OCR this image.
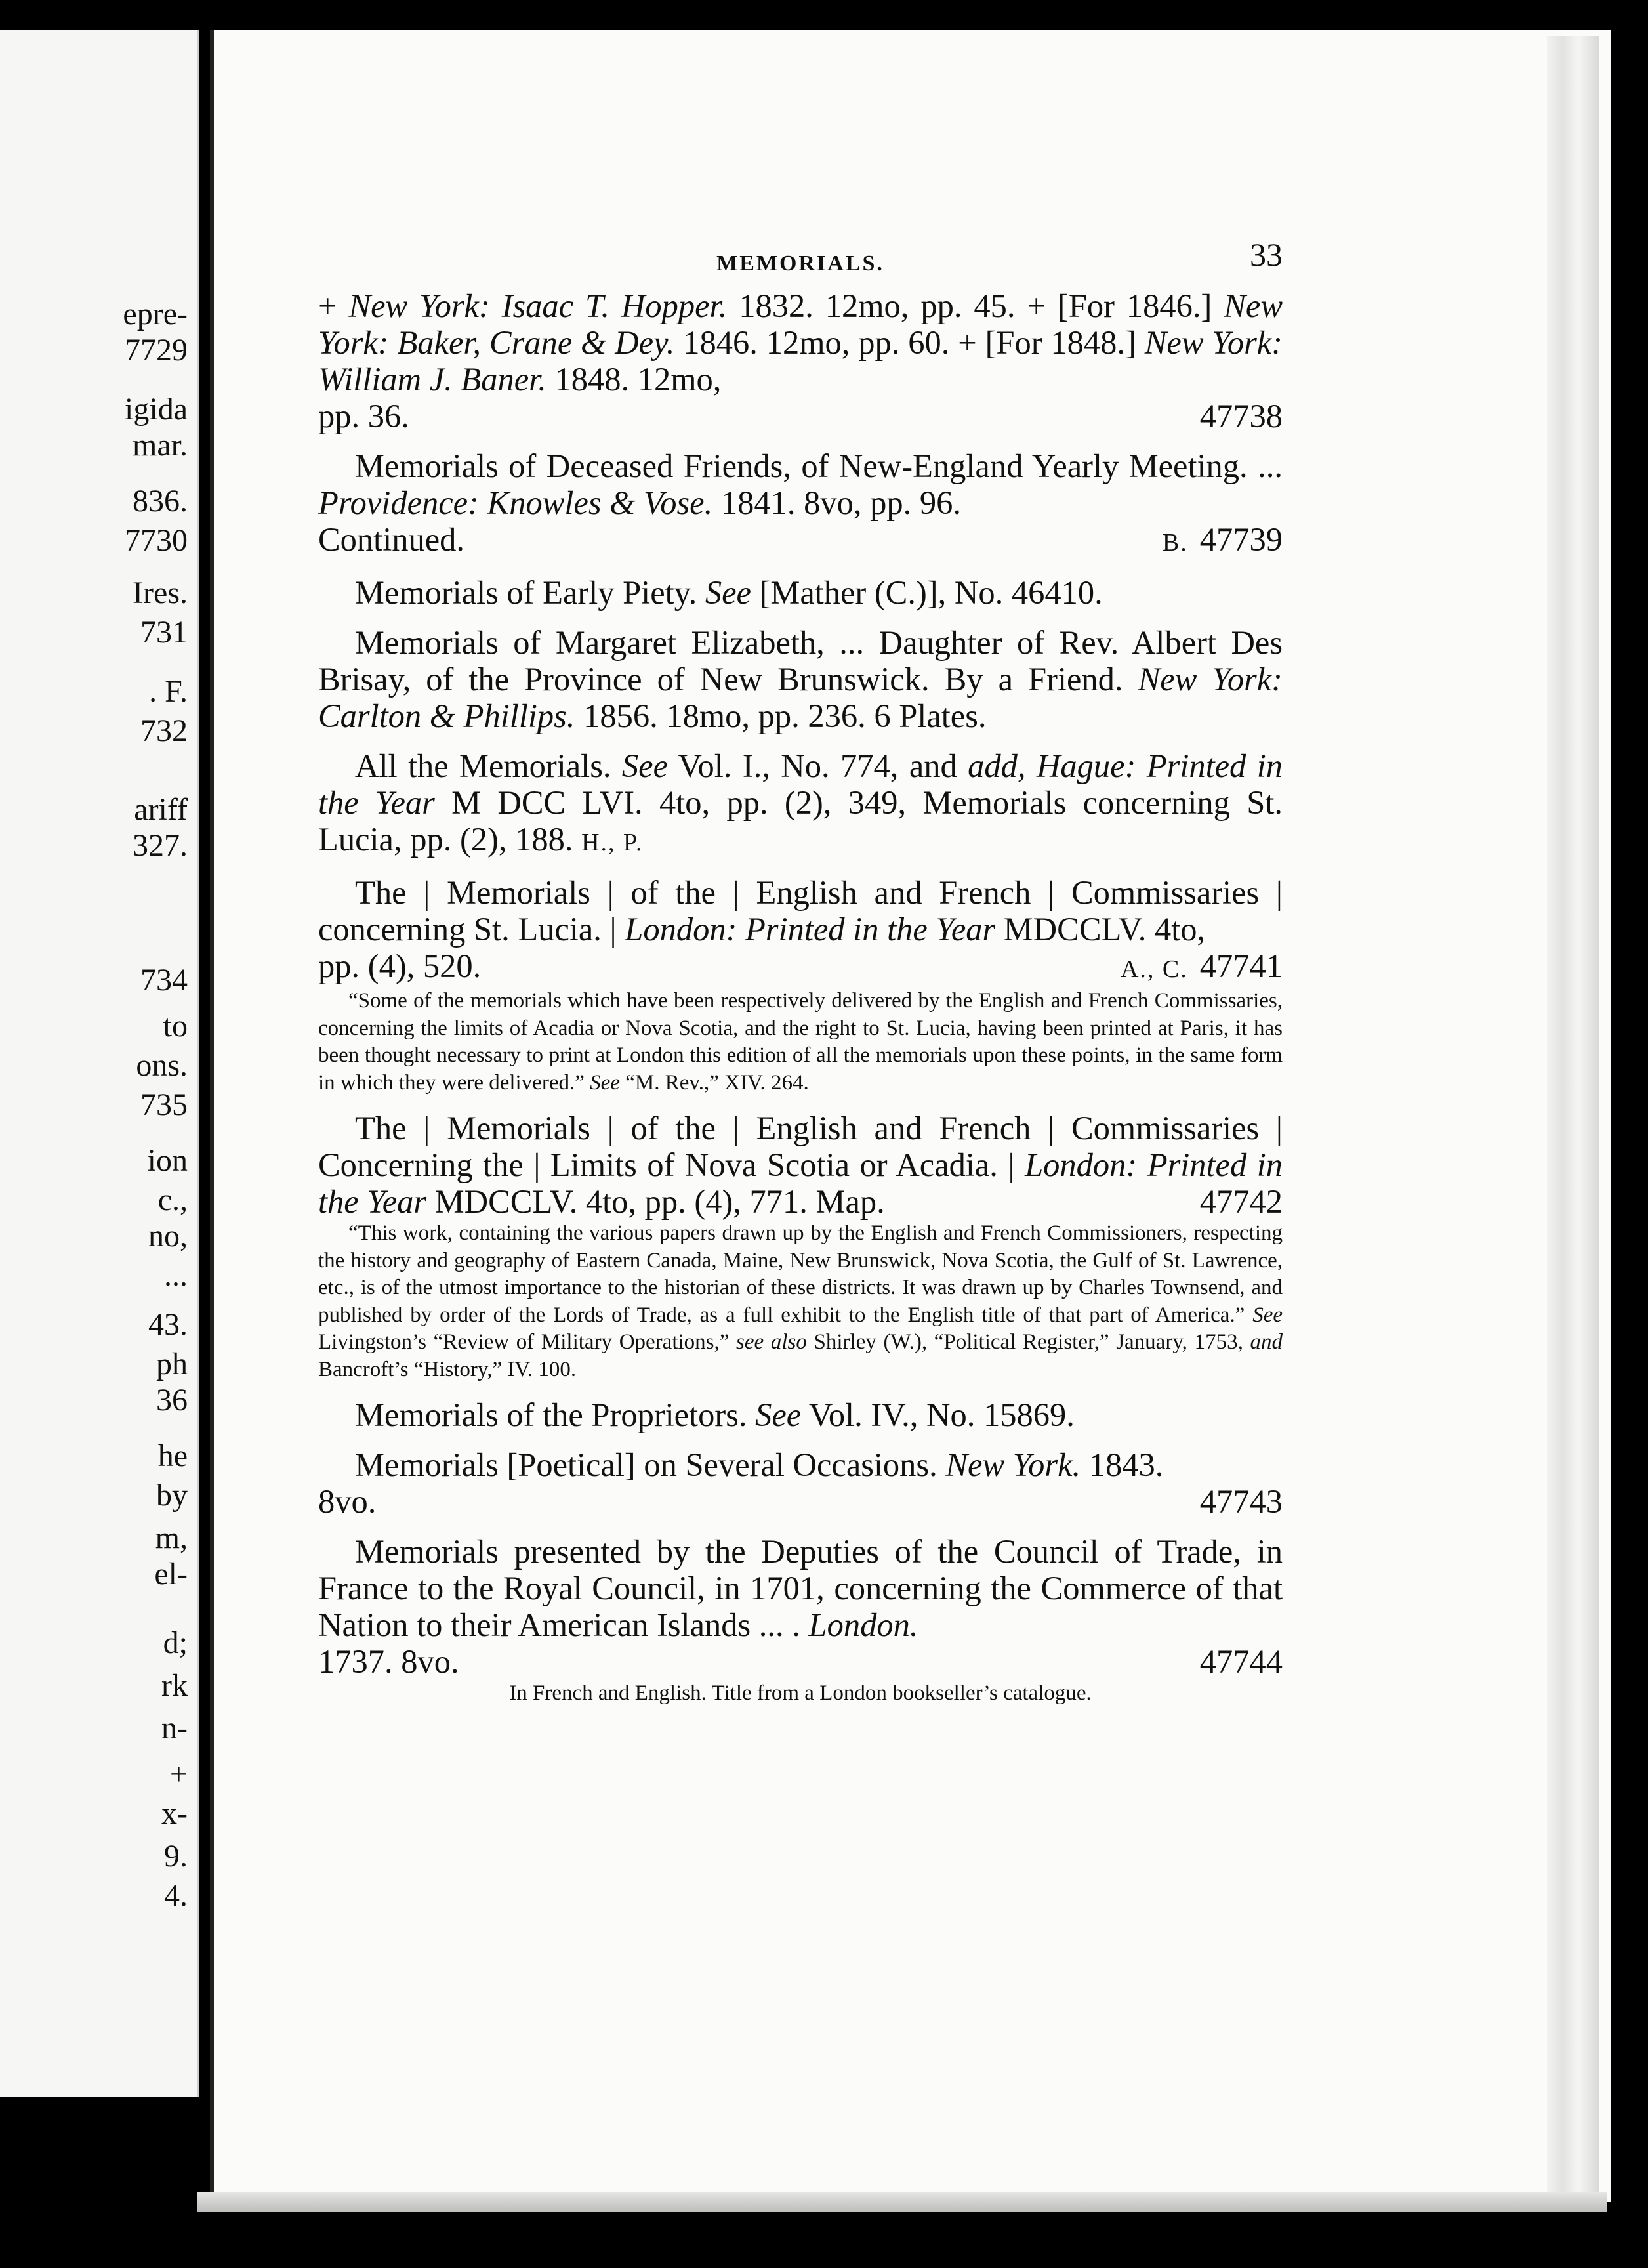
epre-
7729
igida
mar.
836.
7730
Ires.
731
. F.
732
ariff
327.
734
to
ons.
735
ion
c.,
no,
...
43.
ph
36
he
by
m,
el-
d;
rk
n-
+
x-
9.
4.
MEMORIALS.	33

+ New York: Isaac T. Hopper. 1832. 12mo, pp. 45. + [For 1846.] New York: Baker, Crane & Dey. 1846. 12mo, pp. 60. + [For 1848.] New York: William J. Baner. 1848. 12mo,

pp. 36.	47738

Memorials of Deceased Friends, of New-England Yearly Meeting. ... Providence: Knowles & Vose. 1841. 8vo, pp. 96.

Continued.	B. 47739

Memorials of Early Piety. See [Mather (C.)], No. 46410.

Memorials of Margaret Elizabeth, ... Daughter of Rev. Albert Des Brisay, of the Province of New Brunswick. By a Friend. New York: Carlton & Phillips. 1856. 18mo, pp. 236. 6 Plates.

All the Memorials. See Vol. I., No. 774, and add, Hague: Printed in the Year M DCC LVI. 4to, pp. (2), 349, Memorials concerning St. Lucia, pp. (2), 188. H., P.

The | Memorials | of the | English and French | Commissaries | concerning St. Lucia. | London: Printed in the Year MDCCLV. 4to,

pp. (4), 520.	A., C. 47741

“Some of the memorials which have been respectively delivered by the English and French Commissaries, concerning the limits of Acadia or Nova Scotia, and the right to St. Lucia, having been printed at Paris, it has been thought necessary to print at London this edition of all the memorials upon these points, in the same form in which they were delivered.” See “M. Rev.,” XIV. 264.

The | Memorials | of the | English and French | Commissaries | Concerning the | Limits of Nova Scotia or Acadia. | London: Printed in the Year MDCCLV. 4to, pp. (4), 771. Map.	47742

“This work, containing the various papers drawn up by the English and French Commissioners, respecting the history and geography of Eastern Canada, Maine, New Brunswick, Nova Scotia, the Gulf of St. Lawrence, etc., is of the utmost importance to the historian of these districts. It was drawn up by Charles Townsend, and published by order of the Lords of Trade, as a full exhibit to the English title of that part of America.” See Livingston’s “Review of Military Operations,” see also Shirley (W.), “Political Register,” January, 1753, and Bancroft’s “History,” IV. 100.

Memorials of the Proprietors. See Vol. IV., No. 15869.

Memorials [Poetical] on Several Occasions. New York. 1843.

8vo.	47743

Memorials presented by the Deputies of the Council of Trade, in France to the Royal Council, in 1701, concerning the Commerce of that Nation to their American Islands ... . London.

1737. 8vo.	47744

In French and English. Title from a London bookseller’s catalogue.
